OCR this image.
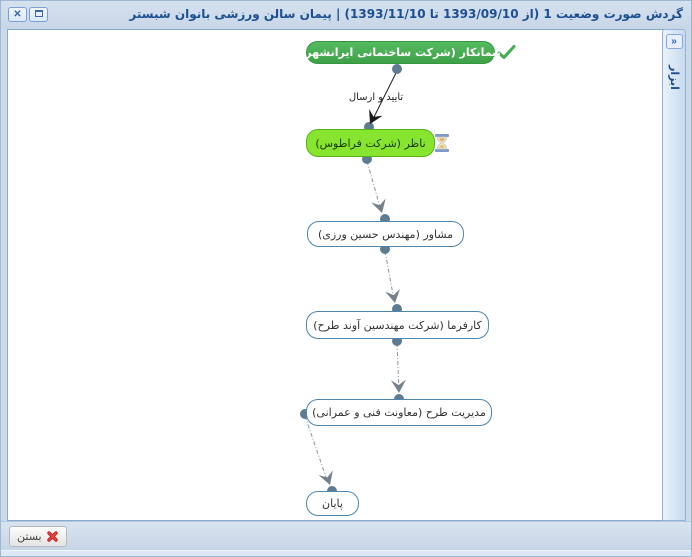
گردش صورت وضعیت 1 (از 1393/09/10 تا 1393/11/10) | پیمان سالن ورزشی بانوان شبستر
✕
تایید و ارسال
پیمانکار (شرکت ساختمانی ایرانشهر)
ناظر (شرکت فراطوس)
مشاور (مهندس حسین ورزی)
کارفرما (شرکت مهندسین آوند طرح)
مدیریت طرح (معاونت فنی و عمرانی)
پایان
«
ابزار
بستن
